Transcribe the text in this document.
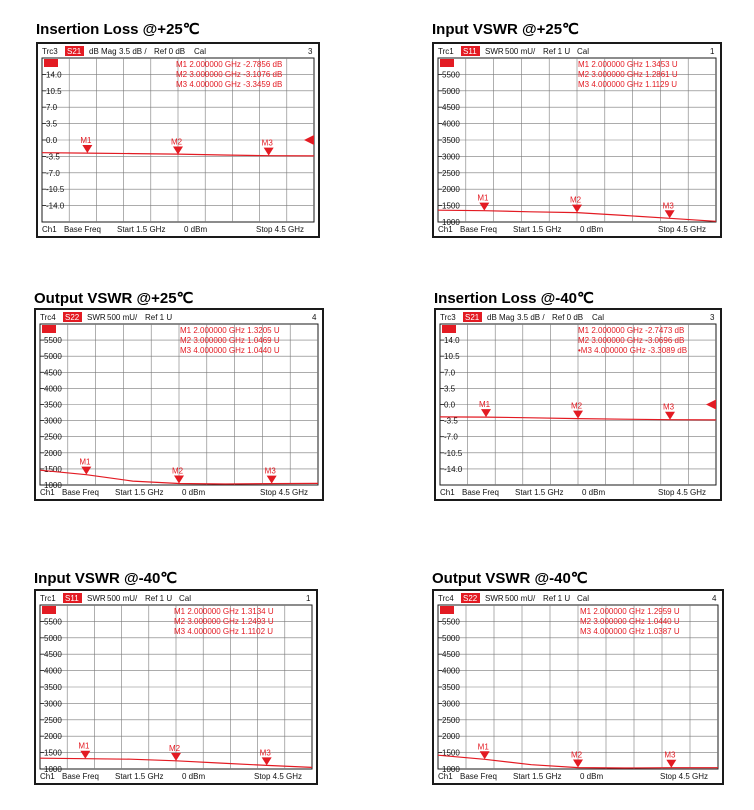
Insertion Loss @+25℃	Input VSWR @+25℃
Output VSWR @+25℃	Insertion Loss @-40℃
Input VSWR @-40℃	Output VSWR @-40℃
Trc3 S21 dB Mag 3.5 dB / Ref 0 dB Cal	3
14.0
10.5
7.0
3.5
0.0
-3.5
-7.0
-10.5
-14.0
M1
M1 2.000000 GHz -2.7856 dB
M2
M2 3.000000 GHz -3.1076 dB
M3
M3 4.000000 GHz -3.3459 dB
Ch1 Base Freq Start 1.5 GHz 0 dBm	Stop 4.5 GHz
Trc1 S11 SWR 500 mU/ Ref 1 U Cal	1
5500
5000
4500
4000
3500
3000
2500
2000
1500
1000
M1
M1 2.000000 GHz 1.3453 U
M2
M2 3.000000 GHz 1.2861 U
M3
M3 4.000000 GHz 1.1129 U
Ch1 Base Freq Start 1.5 GHz 0 dBm	Stop 4.5 GHz
Trc4 S22 SWR 500 mU/ Ref 1 U	4
5500
5000
4500
4000
3500
3000
2500
2000
1500
1000
M1
M1 2.000000 GHz 1.3205 U
M2
M2 3.000000 GHz 1.0469 U
M3
M3 4.000000 GHz 1.0440 U
Ch1 Base Freq Start 1.5 GHz 0 dBm	Stop 4.5 GHz
Trc3 S21 dB Mag 3.5 dB / Ref 0 dB Cal	3
14.0
10.5
7.0
3.5
0.0
-3.5
-7.0
-10.5
-14.0
M1
M1 2.000000 GHz -2.7473 dB
M2
M2 3.000000 GHz -3.0696 dB
M3
•M3 4.000000 GHz -3.3089 dB
Ch1 Base Freq Start 1.5 GHz 0 dBm	Stop 4.5 GHz
Trc1 S11 SWR 500 mU/ Ref 1 U Cal	1
5500
5000
4500
4000
3500
3000
2500
2000
1500
1000
M1
M1 2.000000 GHz 1.3134 U
M2
M2 3.000000 GHz 1.2493 U
M3
M3 4.000000 GHz 1.1102 U
Ch1 Base Freq Start 1.5 GHz 0 dBm	Stop 4.5 GHz
Trc4 S22 SWR 500 mU/ Ref 1 U Cal	4
5500
5000
4500
4000
3500
3000
2500
2000
1500
1000
M1
M1 2.000000 GHz 1.2959 U
M2
M2 3.000000 GHz 1.0440 U
M3
M3 4.000000 GHz 1.0387 U
Ch1 Base Freq Start 1.5 GHz 0 dBm	Stop 4.5 GHz
